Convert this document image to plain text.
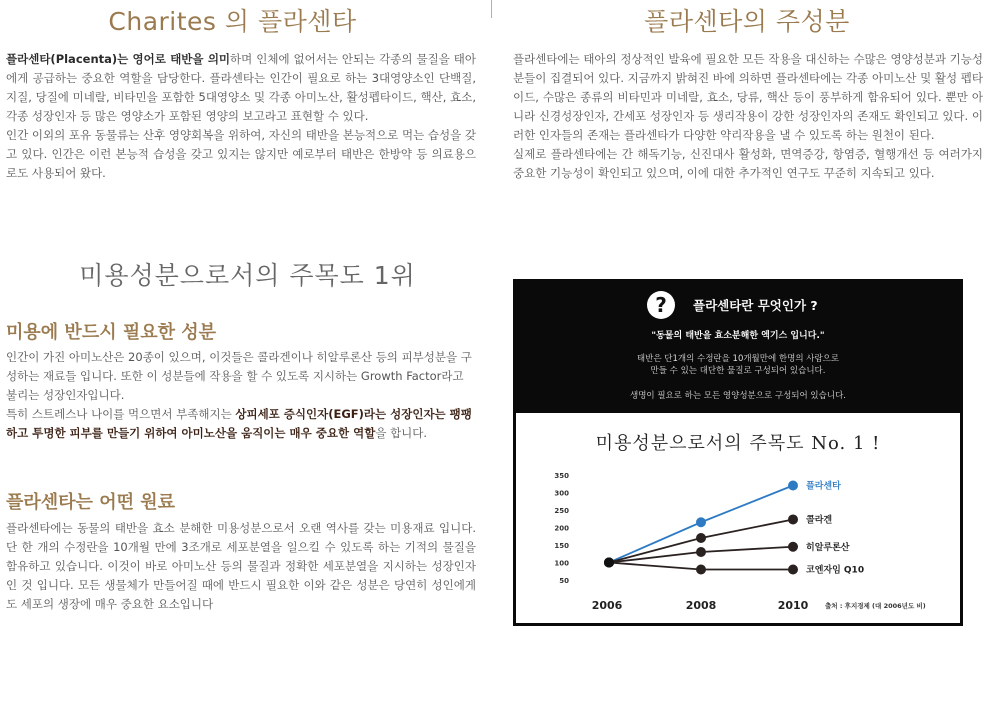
Charites 의 플라센타

플라센타(Placenta)는 영어로 태반을 의미하며 인체에 없어서는 안되는 각종의 물질을 태아에게 공급하는 중요한 역할을 담당한다. 플라센타는 인간이 필요로 하는 3대영양소인 단백질, 지질, 당질에 미네랄, 비타민을 포함한 5대영양소 및 각종 아미노산, 활성펩타이드, 핵산, 효소, 각종 성장인자 등 많은 영양소가 포함된 영양의 보고라고 표현할 수 있다.

인간 이외의 포유 동물류는 산후 영양회복을 위하여, 자신의 태반을 본능적으로 먹는 습성을 갖고 있다. 인간은 이런 본능적 습성을 갖고 있지는 않지만 예로부터 태반은 한방약 등 의료용으로도 사용되어 왔다.

플라센타의 주성분

플라센타에는 태아의 정상적인 발육에 필요한 모든 작용을 대신하는 수많은 영양성분과 기능성분들이 집결되어 있다. 지금까지 밝혀진 바에 의하면 플라센타에는 각종 아미노산 및 활성 펩타이드, 수많은 종류의 비타민과 미네랄, 효소, 당류, 핵산 등이 풍부하게 함유되어 있다. 뿐만 아니라 신경성장인자, 간세포 성장인자 등 생리작용이 강한 성장인자의 존재도 확인되고 있다. 이러한 인자들의 존재는 플라센타가 다양한 약리작용을 낼 수 있도록 하는 원천이 된다.

실제로 플라센타에는 간 해독기능, 신진대사 활성화, 면역증강, 항염증, 혈행개선 등 여러가지 중요한 기능성이 확인되고 있으며, 이에 대한 추가적인 연구도 꾸준히 지속되고 있다.

미용성분으로서의 주목도 1위
미용에 반드시 필요한 성분

인간이 가진 아미노산은 20종이 있으며, 이것들은 콜라겐이나 히알루론산 등의 피부성분을 구성하는 재료들 입니다. 또한 이 성분들에 작용을 할 수 있도록 지시하는 Growth Factor라고 불리는 성장인자입니다.

특히 스트레스나 나이를 먹으면서 부족해지는 상피세포 증식인자(EGF)라는 성장인자는 팽팽하고 투명한 피부를 만들기 위하여 아미노산을 움직이는 매우 중요한 역할을 합니다.

플라센타는 어떤 원료

플라센타에는 동물의 태반을 효소 분해한 미용성분으로서 오랜 역사를 갖는 미용재료 입니다. 단 한 개의 수정란을 10개월 만에 3조개로 세포분열을 일으킬 수 있도록 하는 기적의 물질을 함유하고 있습니다. 이것이 바로 아미노산 등의 물질과 정확한 세포분열을 지시하는 성장인자인 것 입니다. 모든 생물체가 만들어질 때에 반드시 필요한 이와 같은 성분은 당연히 성인에게도 세포의 생장에 매우 중요한 요소입니다

?	플라센타란 무엇인가 ?
"동물의 태반을 효소분해한 엑기스 입니다."
태반은 단1개의 수정란을 10개월만에 한명의 사람으로
만들 수 있는 대단한 물질로 구성되어 있습니다.
생명이 필요로 하는 모든 영양성분으로 구성되어 있습니다.
미용성분으로서의 주목도 No. 1 !
50
100
150
200
250
300
350
2006	2008	2010
플라센타
콜라겐
히알루론산
코엔자임 Q10
출처 : 후지경제 (대 2006년도 비)
